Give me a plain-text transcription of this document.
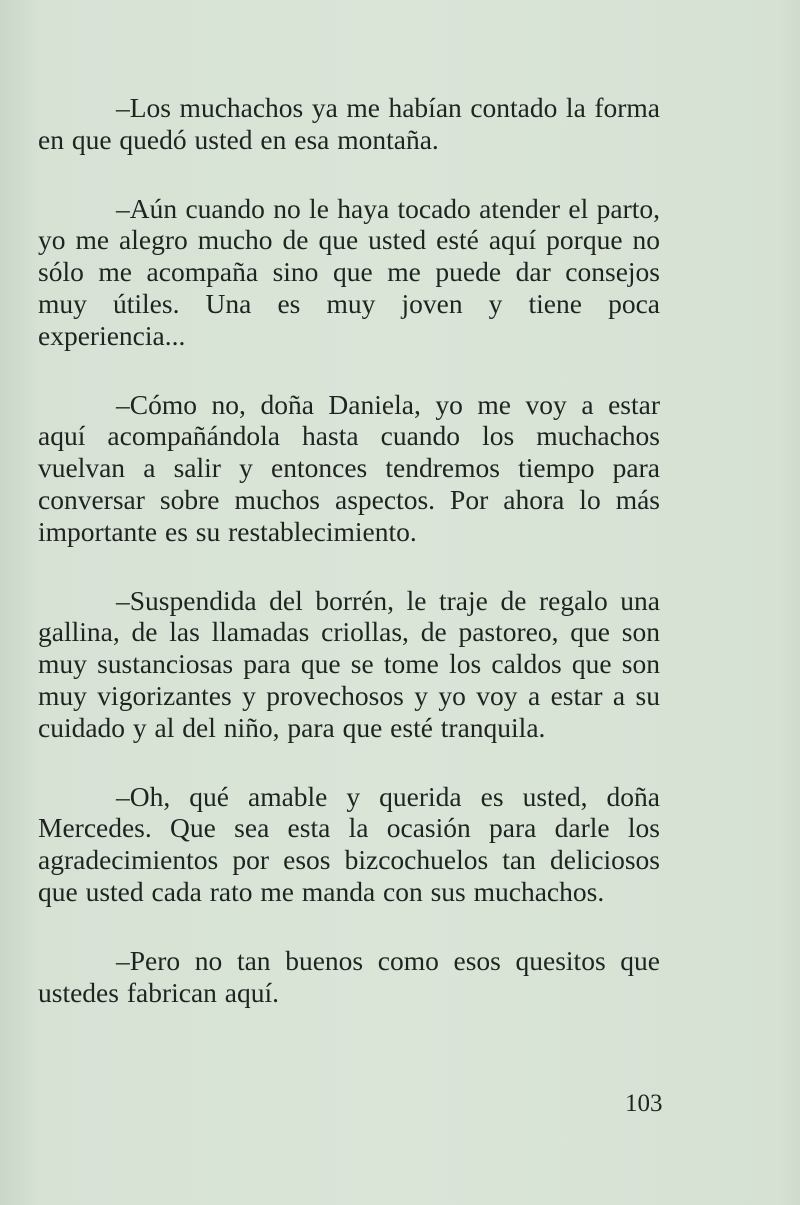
–Los muchachos ya me habían contado la forma en que quedó usted en esa montaña.

–Aún cuando no le haya tocado atender el parto, yo me alegro mucho de que usted esté aquí porque no sólo me acompaña sino que me puede dar consejos muy útiles. Una es muy joven y tiene poca experiencia...

–Cómo no, doña Daniela, yo me voy a estar aquí acompañándola hasta cuando los muchachos vuelvan a salir y entonces tendremos tiempo para conversar sobre muchos aspectos. Por ahora lo más importante es su restablecimiento.

–Suspendida del borrén, le traje de regalo una gallina, de las llamadas criollas, de pastoreo, que son muy sustanciosas para que se tome los caldos que son muy vigorizantes y provechosos y yo voy a estar a su cuidado y al del niño, para que esté tranquila.

–Oh, qué amable y querida es usted, doña Mercedes. Que sea esta la ocasión para darle los agradecimientos por esos bizcochuelos tan deliciosos que usted cada rato me manda con sus muchachos.

–Pero no tan buenos como esos quesitos que ustedes fabrican aquí.

103
